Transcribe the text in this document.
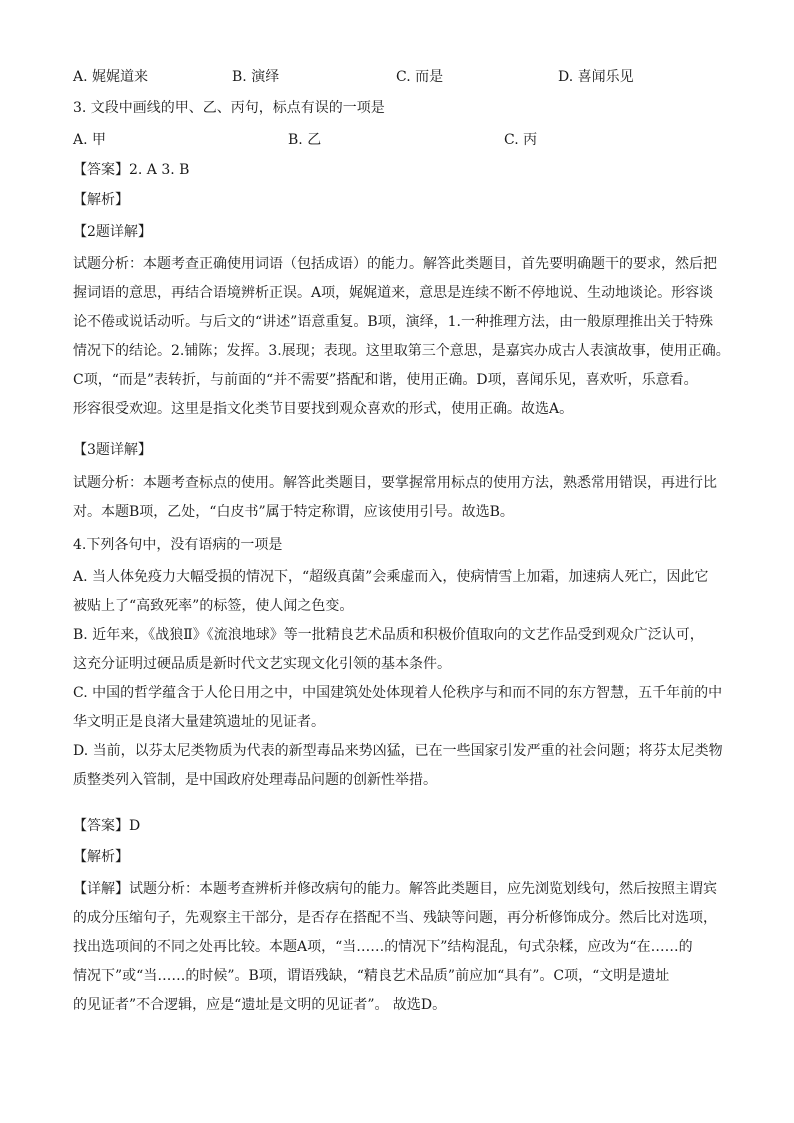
A. 娓娓道来	B. 演绎	C. 而是	D. 喜闻乐见
3. 文段中画线的甲、乙、丙句，标点有误的一项是
A. 甲	B. 乙	C. 丙
【答案】2. A 3. B
【解析】
【2题详解】
试题分析：本题考查正确使用词语（包括成语）的能力。解答此类题目，首先要明确题干的要求，然后把
握词语的意思，再结合语境辨析正误。A项，娓娓道来，意思是连续不断不停地说、生动地谈论。形容谈
论不倦或说话动听。与后文的“讲述”语意重复。B项，演绎，1.一种推理方法，由一般原理推出关于特殊
情况下的结论。2.铺陈；发挥。3.展现；表现。这里取第三个意思，是嘉宾办成古人表演故事，使用正确。
C项，“而是”表转折，与前面的“并不需要”搭配和谐，使用正确。D项，喜闻乐见，喜欢听，乐意看。
形容很受欢迎。这里是指文化类节目要找到观众喜欢的形式，使用正确。故选A。
【3题详解】
试题分析：本题考查标点的使用。解答此类题目，要掌握常用标点的使用方法，熟悉常用错误，再进行比
对。本题B项，乙处，“白皮书”属于特定称谓，应该使用引号。故选B。
4.下列各句中，没有语病的一项是
A. 当人体免疫力大幅受损的情况下，“超级真菌”会乘虚而入，使病情雪上加霜，加速病人死亡，因此它
被贴上了“高致死率”的标签，使人闻之色变。
B. 近年来，《战狼Ⅱ》《流浪地球》等一批精良艺术品质和积极价值取向的文艺作品受到观众广泛认可，
这充分证明过硬品质是新时代文艺实现文化引领的基本条件。
C. 中国的哲学蕴含于人伦日用之中，中国建筑处处体现着人伦秩序与和而不同的东方智慧，五千年前的中
华文明正是良渚大量建筑遗址的见证者。
D. 当前，以芬太尼类物质为代表的新型毒品来势凶猛，已在一些国家引发严重的社会问题；将芬太尼类物
质整类列入管制，是中国政府处理毒品问题的创新性举措。
【答案】D
【解析】
【详解】试题分析：本题考查辨析并修改病句的能力。解答此类题目，应先浏览划线句，然后按照主谓宾
的成分压缩句子，先观察主干部分，是否存在搭配不当、残缺等问题，再分析修饰成分。然后比对选项，
找出选项间的不同之处再比较。本题A项，“当……的情况下”结构混乱，句式杂糅，应改为“在……的
情况下”或“当……的时候”。B项，谓语残缺，“精良艺术品质”前应加“具有”。C项，“文明是遗址
的见证者”不合逻辑，应是“遗址是文明的见证者”。 故选D。
